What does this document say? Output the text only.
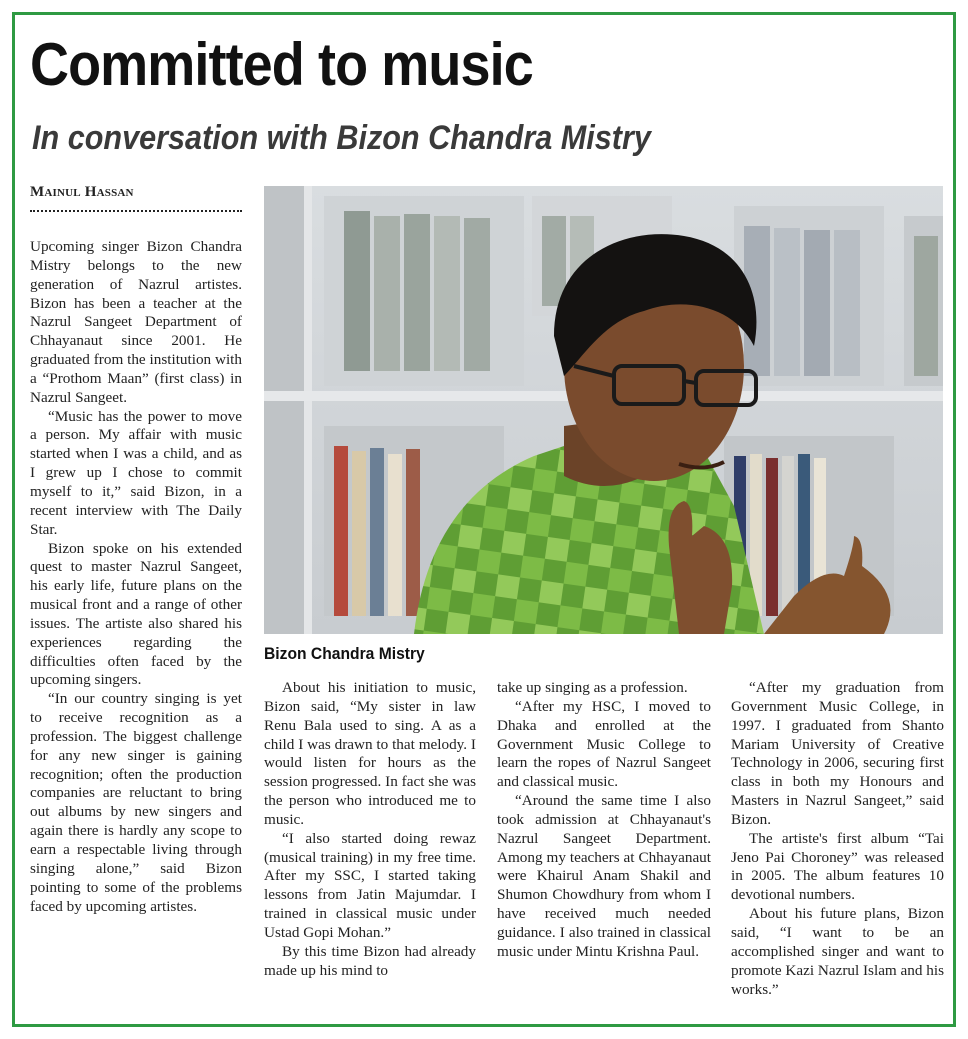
Committed to music
In conversation with Bizon Chandra Mistry
Mainul Hassan
Bizon Chandra Mistry

Upcoming singer Bizon Chandra Mistry belongs to the new generation of Nazrul artistes. Bizon has been a teacher at the Nazrul Sangeet Department of Chhayanaut since 2001. He graduated from the institution with a “Prothom Maan” (first class) in Nazrul Sangeet.

“Music has the power to move a person. My affair with music started when I was a child, and as I grew up I chose to commit myself to it,” said Bizon, in a recent interview with The Daily Star.

Bizon spoke on his extended quest to master Nazrul Sangeet, his early life, future plans on the musical front and a range of other issues. The artiste also shared his experiences regarding the difficulties often faced by the upcoming singers.

“In our country singing is yet to receive recognition as a profession. The biggest challenge for any new singer is gaining recognition; often the production companies are reluctant to bring out albums by new singers and again there is hardly any scope to earn a respectable living through singing alone,” said Bizon pointing to some of the problems faced by upcoming artistes.

About his initiation to music, Bizon said, “My sister in law Renu Bala used to sing. A as a child I was drawn to that melody. I would listen for hours as the session progressed. In fact she was the person who introduced me to music.

“I also started doing rewaz (musical training) in my free time. After my SSC, I started taking lessons from Jatin Majumdar. I trained in classical music under Ustad Gopi Mohan.”

By this time Bizon had already made up his mind to

take up singing as a profession.

“After my HSC, I moved to Dhaka and enrolled at the Government Music College to learn the ropes of Nazrul Sangeet and classical music.

“Around the same time I also took admission at Chhayanaut's Nazrul Sangeet Department. Among my teachers at Chhayanaut were Khairul Anam Shakil and Shumon Chowdhury from whom I have received much needed guidance. I also trained in classical music under Mintu Krishna Paul.

“After my graduation from Government Music College, in 1997. I graduated from Shanto Mariam University of Creative Technology in 2006, securing first class in both my Honours and Masters in Nazrul Sangeet,” said Bizon.

The artiste's first album “Tai Jeno Pai Choroney” was released in 2005. The album features 10 devotional numbers.

About his future plans, Bizon said, “I want to be an accomplished singer and want to promote Kazi Nazrul Islam and his works.”
